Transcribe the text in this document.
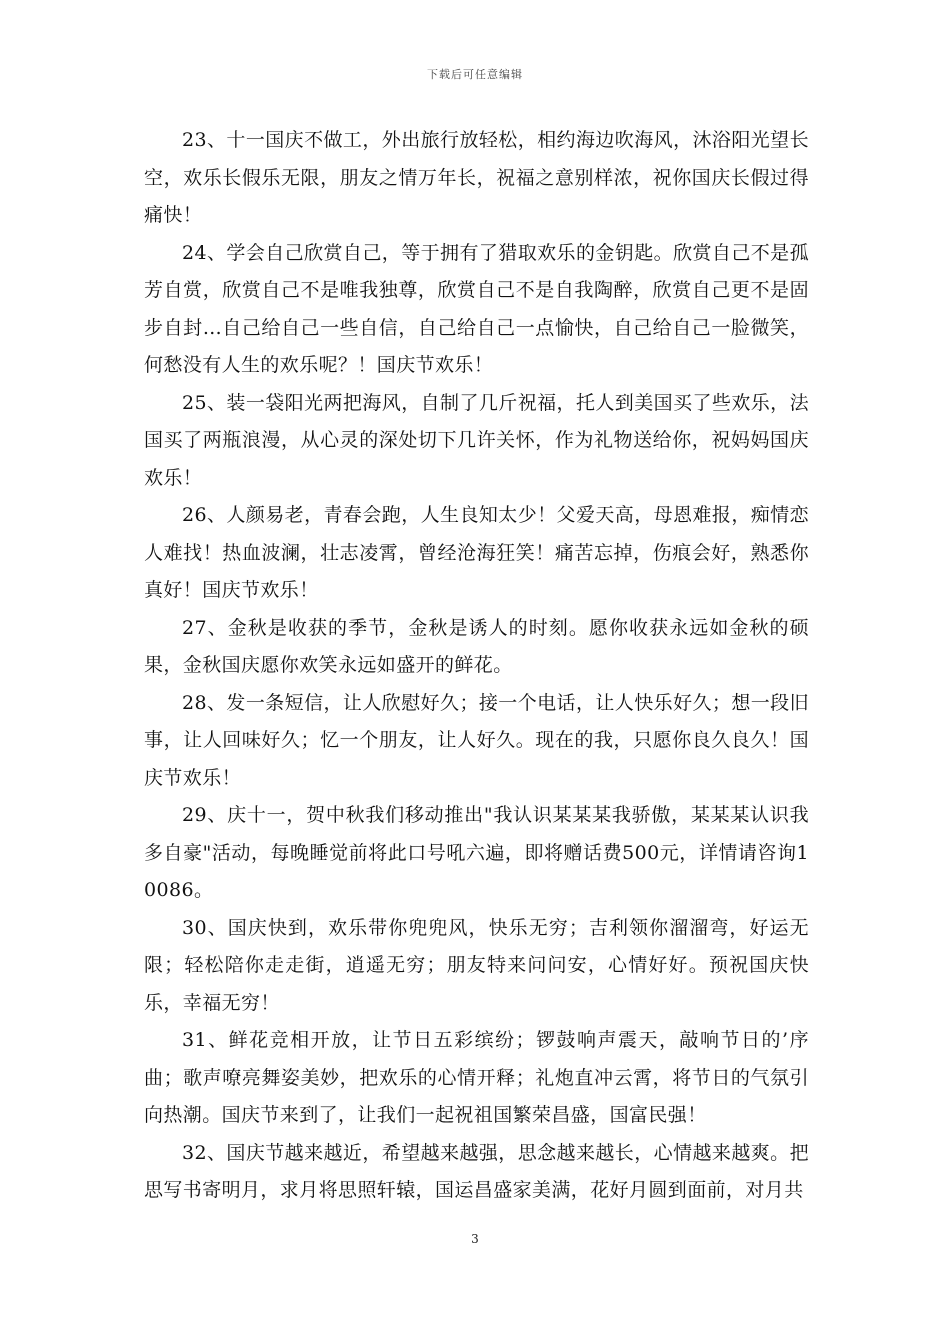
下载后可任意编辑

23、十一国庆不做工，外出旅行放轻松，相约海边吹海风，沐浴阳光望长空，欢乐长假乐无限，朋友之情万年长，祝福之意别样浓，祝你国庆长假过得痛快！

24、学会自己欣赏自己，等于拥有了猎取欢乐的金钥匙。欣赏自己不是孤芳自赏，欣赏自己不是唯我独尊，欣赏自己不是自我陶醉，欣赏自己更不是固步自封…自己给自己一些自信，自己给自己一点愉快，自己给自己一脸微笑，何愁没有人生的欢乐呢？！国庆节欢乐！

25、装一袋阳光两把海风，自制了几斤祝福，托人到美国买了些欢乐，法国买了两瓶浪漫，从心灵的深处切下几许关怀，作为礼物送给你，祝妈妈国庆欢乐！

26、人颜易老，青春会跑，人生良知太少！父爱天高，母恩难报，痴情恋人难找！热血波澜，壮志凌霄，曾经沧海狂笑！痛苦忘掉，伤痕会好，熟悉你真好！国庆节欢乐！

27、金秋是收获的季节，金秋是诱人的时刻。愿你收获永远如金秋的硕果，金秋国庆愿你欢笑永远如盛开的鲜花。

28、发一条短信，让人欣慰好久；接一个电话，让人快乐好久；想一段旧事，让人回味好久；忆一个朋友，让人好久。现在的我，只愿你良久良久！国庆节欢乐！

29、庆十一，贺中秋我们移动推出"我认识某某某我骄傲，某某某认识我多自豪"活动，每晚睡觉前将此口号吼六遍，即将赠话费500元，详情请咨询10086。

30、国庆快到，欢乐带你兜兜风，快乐无穷；吉利领你溜溜弯，好运无限；轻松陪你走走街，逍遥无穷；朋友特来问问安，心情好好。预祝国庆快乐，幸福无穷！

31、鲜花竞相开放，让节日五彩缤纷；锣鼓响声震天，敲响节日的’序曲；歌声嘹亮舞姿美妙，把欢乐的心情开释；礼炮直冲云霄，将节日的气氛引向热潮。国庆节来到了，让我们一起祝祖国繁荣昌盛，国富民强！

32、国庆节越来越近，希望越来越强，思念越来越长，心情越来越爽。把思写书寄明月，求月将思照轩辕，国运昌盛家美满，花好月圆到面前，对月共

3
